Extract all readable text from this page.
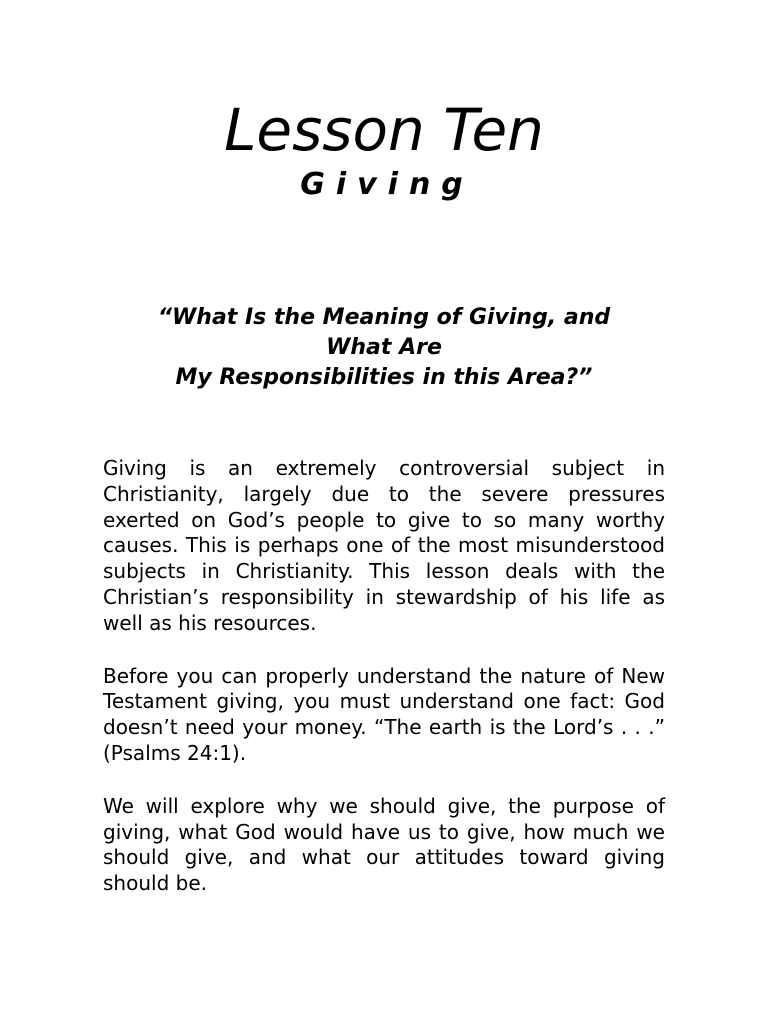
Lesson Ten
Giving
“What Is the Meaning of Giving, and
What Are
My Responsibilities in this Area?”

Giving is an extremely controversial subject in Christianity, largely due to the severe pressures exerted on God’s people to give to so many worthy causes. This is perhaps one of the most misunderstood subjects in Christianity. This lesson deals with the Christian’s responsibility in stewardship of his life as well as his resources.

Before you can properly understand the nature of New Testament giving, you must understand one fact: God doesn’t need your money. “The earth is the Lord’s . . .” (Psalms 24:1).

We will explore why we should give, the purpose of giving, what God would have us to give, how much we should give, and what our attitudes toward giving should be.
